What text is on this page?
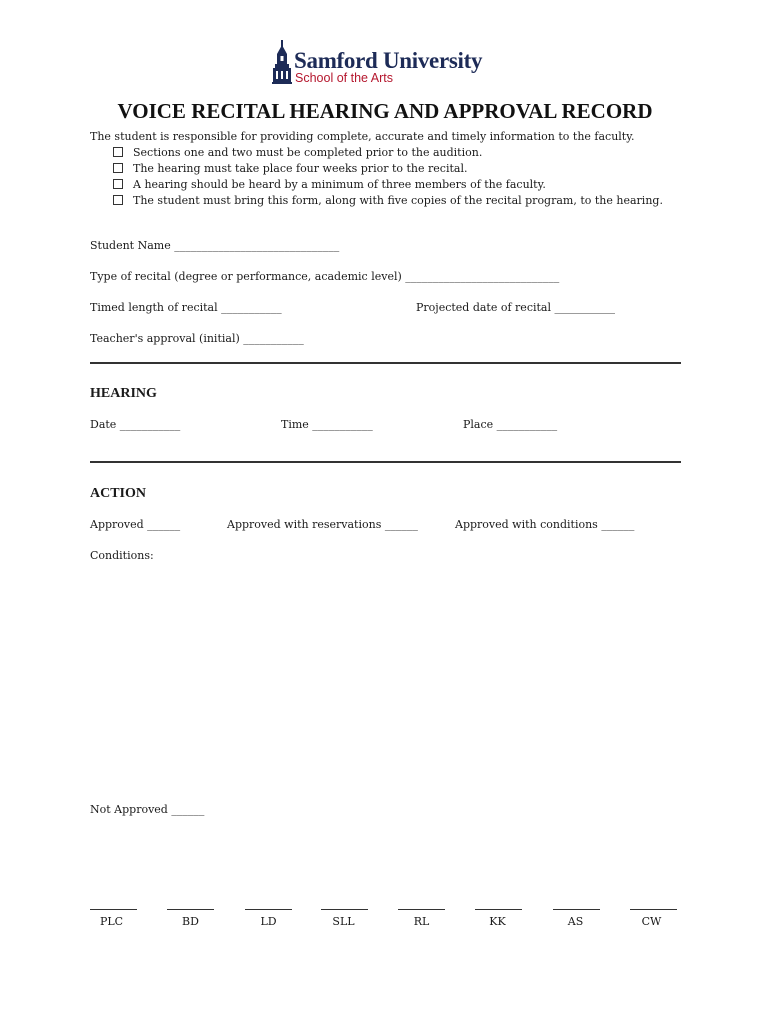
Samford University
School of the Arts
VOICE RECITAL HEARING AND APPROVAL RECORD
The student is responsible for providing complete, accurate and timely information to the faculty.
Sections one and two must be completed prior to the audition.
The hearing must take place four weeks prior to the recital.
A hearing should be heard by a minimum of three members of the faculty.
The student must bring this form, along with five copies of the recital program, to the hearing.
Student Name ______________________________
Type of recital (degree or performance, academic level) ____________________________
Timed length of recital ___________	Projected date of recital ___________
Teacher's approval (initial) ___________
HEARING
Date ___________	Time ___________	Place ___________
ACTION
Approved ______	Approved with reservations ______	Approved with conditions ______
Conditions:
Not Approved ______
PLC	BD	LD	SLL	RL	KK	AS	CW
